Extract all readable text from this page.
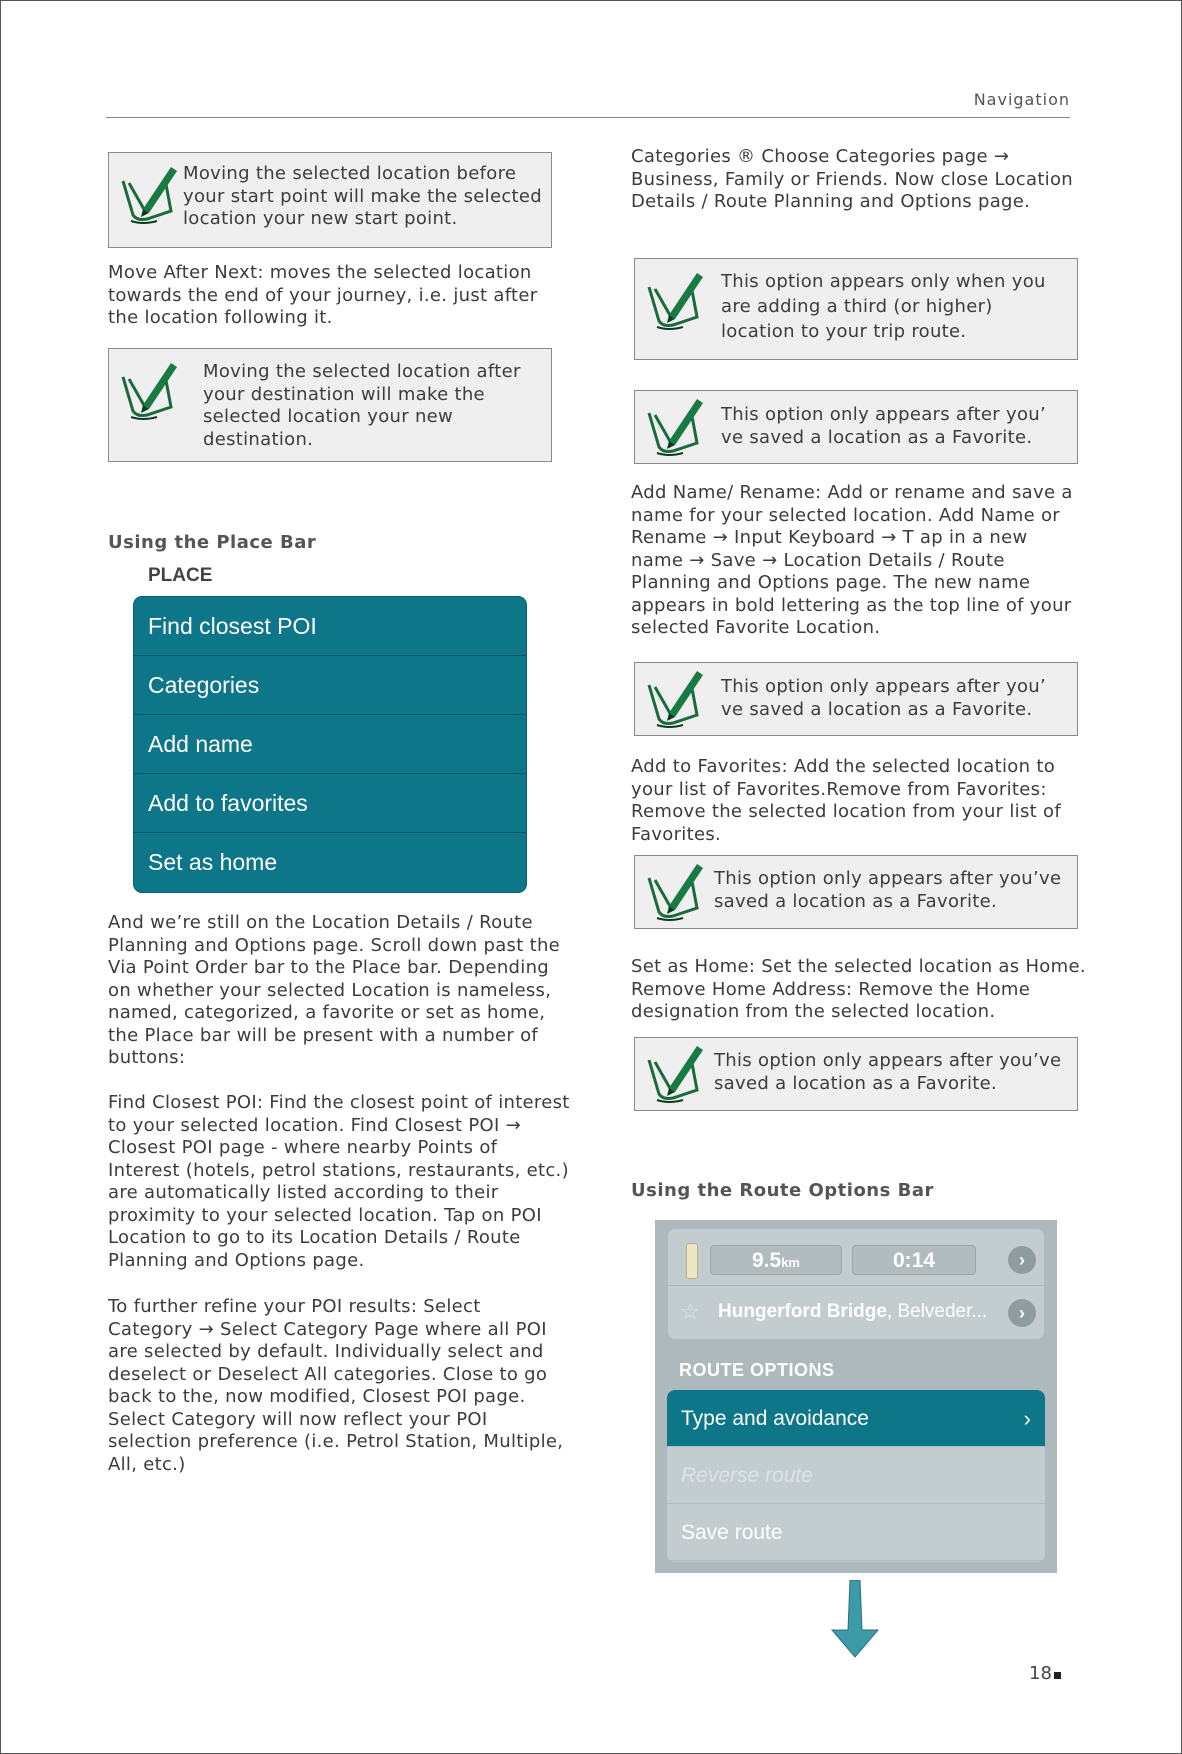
Navigation
Moving the selected location before your start point will make the selected location your new start point.

Move After Next: moves the selected location towards the end of your journey, i.e. just after the location following it.

Moving the selected location after your destination will make the selected location your new destination.
Using the Place Bar
PLACE
Find closest POI
Categories
Add name
Add to favorites
Set as home

And we’re still on the Location Details / Route Planning and Options page. Scroll down past the Via Point Order bar to the Place bar. Depending on whether your selected Location is nameless, named, categorized, a favorite or set as home, the Place bar will be present with a number of buttons:

Find Closest POI: Find the closest point of interest to your selected location. Find Closest POI → Closest POI page - where nearby Points of Interest (hotels, petrol stations, restaurants, etc.) are automatically listed according to their proximity to your selected location. Tap on POI Location to go to its Location Details / Route Planning and Options page.

To further refine your POI results: Select Category → Select Category Page where all POI are selected by default. Individually select and deselect or Deselect All categories. Close to go back to the, now modified, Closest POI page. Select Category will now reflect your POI selection preference (i.e. Petrol Station, Multiple, All, etc.)

Categories ® Choose Categories page → Business, Family or Friends. Now close Location Details / Route Planning and Options page.

This option appears only when you are adding a third (or higher) location to your trip route.
This option only appears after you’ ve saved a location as a Favorite.

Add Name/ Rename: Add or rename and save a name for your selected location. Add Name or Rename → Input Keyboard → T ap in a new name → Save → Location Details / Route Planning and Options page. The new name appears in bold lettering as the top line of your selected Favorite Location.

This option only appears after you’ ve saved a location as a Favorite.

Add to Favorites: Add the selected location to your list of Favorites.Remove from Favorites: Remove the selected location from your list of Favorites.

This option only appears after you’ve saved a location as a Favorite.

Set as Home: Set the selected location as Home. Remove Home Address: Remove the Home designation from the selected location.

This option only appears after you’ve saved a location as a Favorite.
Using the Route Options Bar
9.5km	0:14	›
☆ Hungerford Bridge, Belveder...	›
ROUTE OPTIONS
Type and avoidance	›
Reverse route
Save route
18
